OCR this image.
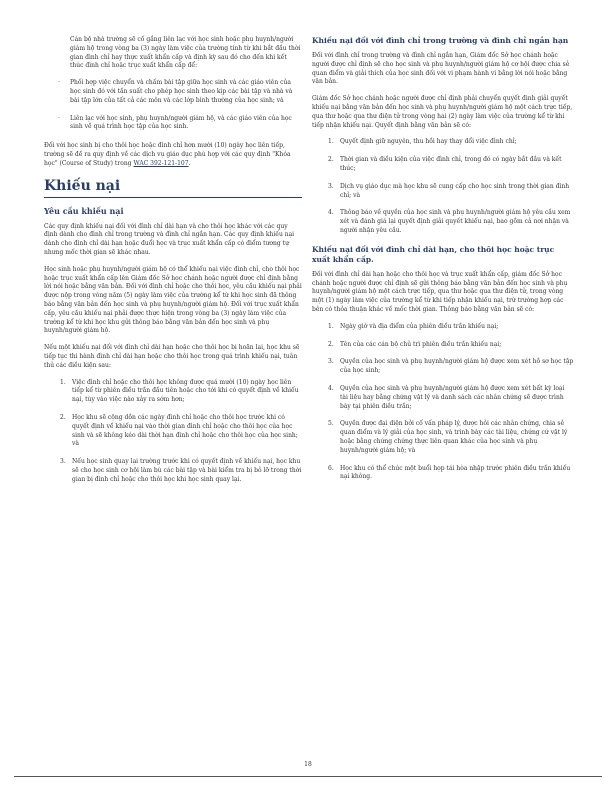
Cán bộ nhà trường sẽ cố gắng liên lạc với học sinh hoặc phụ huynh/người giám hộ trong vòng ba (3) ngày làm việc của trường tính từ khi bắt đầu thời gian đình chỉ hay thực xuất khẩn cấp và định kỳ sau đó cho đến khi kết thúc đình chỉ hoặc trục xuất khẩn cấp để:

· Phối hợp việc chuyển và chấm bài tập giữa học sinh và các giáo viên của học sinh đó với tần suất cho phép học sinh theo kịp các bài tập và nhà và bài tập lớn của tất cả các môn và các lớp bình thường của học sinh; và
· Liên lạc với học sinh, phụ huynh/người giám hộ, và các giáo viên của học sinh về quá trình học tập của học sinh.

Đối với học sinh bị cho thôi học hoặc đình chỉ hơn mười (10) ngày học liên tiếp, trường sẽ đề ra quy định về các dịch vụ giáo dục phù hợp với các quy định "Khóa học" (Course of Study) trong WAC 392-121-107.

Khiếu nại
Yêu cầu khiếu nại

Các quy định khiếu nại đối với đình chỉ dài hạn và cho thôi học khác với các quy định dành cho đình chỉ trong trường và đình chỉ ngắn hạn. Các quy định khiếu nại dành cho đình chỉ dài hạn hoặc đuổi học và trục xuất khẩn cấp có điểm tương tự nhưng mốc thời gian sẽ khác nhau.

Học sinh hoặc phụ huynh/người giám hộ có thể khiếu nại việc đình chỉ, cho thôi học hoặc trục xuất khẩn cấp lên Giám đốc Sở học chánh hoặc người được chỉ định bằng lời nói hoặc bằng văn bản. Đối với đình chỉ hoặc cho thôi học, yêu cầu khiếu nại phải được nộp trong vòng năm (5) ngày làm việc của trường kể từ khi học sinh đã thông báo bằng văn bản đến học sinh và phụ huynh/người giám hộ. Đối với trục xuất khẩn cấp, yêu cầu khiếu nại phải được thực hiện trong vòng ba (3) ngày làm việc của trường kể từ khi học khu gửi thông báo bằng văn bản đến học sinh và phụ huynh/người giám hộ.

Nếu một khiếu nại đối với đình chỉ dài hạn hoặc cho thôi học bị hoãn lại, học khu sẽ tiếp tục thi hành đình chỉ dài hạn hoặc cho thôi học trong quá trình khiếu nại, tuân thủ các điều kiện sau:

1. Việc đình chỉ hoặc cho thôi học không được quá mười (10) ngày học liên tiếp kể từ phiên điều trần đầu tiên hoặc cho tới khi có quyết định về khiếu nại, tùy vào việc nào xảy ra sớm hơn;
2. Học khu sẽ cộng dồn các ngày đình chỉ hoặc cho thôi học trước khi có quyết định về khiếu nại vào thời gian đình chỉ hoặc cho thôi học của học sinh và sẽ không kéo dài thời hạn đình chỉ hoặc cho thôi học của học sinh; và
3. Nếu học sinh quay lại trường trước khi có quyết định về khiếu nại, học khu sẽ cho học sinh cơ hội làm bù các bài tập và bài kiểm tra bị bỏ lỡ trong thời gian bị đình chỉ hoặc cho thôi học khi học sinh quay lại.
Khiếu nại đối với đình chỉ trong trường và đình chỉ ngắn hạn

Đối với đình chỉ trong trường và đình chỉ ngắn hạn, Giám đốc Sở học chánh hoặc người được chỉ định sẽ cho học sinh và phụ huynh/người giám hộ cơ hội được chia sẻ quan điểm và giải thích của học sinh đối với vi phạm hành vi bằng lời nói hoặc bằng văn bản.

Giám đốc Sở học chánh hoặc người được chỉ định phải chuyển quyết định giải quyết khiếu nại bằng văn bản đến học sinh và phụ huynh/người giám hộ một cách trực tiếp, qua thư hoặc qua thư điện tử trong vòng hai (2) ngày làm việc của trường kể từ khi tiếp nhận khiếu nại. Quyết định bằng văn bản sẽ có:

1. Quyết định giữ nguyên, thu hồi hay thay đổi việc đình chỉ;
2. Thời gian và điều kiện của việc đình chỉ, trong đó có ngày bắt đầu và kết thúc;
3. Dịch vụ giáo dục mà học khu sẽ cung cấp cho học sinh trong thời gian đình chỉ; và
4. Thông báo về quyền của học sinh và phụ huynh/người giám hộ yêu cầu xem xét và đánh giá lại quyết định giải quyết khiếu nại, bao gồm cả nơi nhận và người nhận yêu cầu.
Khiếu nại đối với đình chỉ dài hạn, cho thôi học hoặc trục xuất khẩn cấp.

Đối với đình chỉ dài hạn hoặc cho thôi học và trục xuất khẩn cấp, giám đốc Sở học chánh hoặc người được chỉ định sẽ gửi thông báo bằng văn bản đến học sinh và phụ huynh/người giám hộ một cách trực tiếp, qua thư hoặc qua thư điện tử, trong vòng một (1) ngày làm việc của trường kể từ khi tiếp nhận khiếu nại, trừ trường hợp các bên có thỏa thuận khác về mốc thời gian. Thông báo bằng văn bản sẽ có:

1. Ngày giờ và địa điểm của phiên điều trần khiếu nại;
2. Tên của các cán bộ chủ trì phiên điều trần khiếu nại;
3. Quyền của học sinh và phụ huynh/người giám hộ được xem xét hồ sơ học tập của học sinh;
4. Quyền của học sinh và phụ huynh/người giám hộ được xem xét bất kỳ loại tài liệu hay bằng chứng vật lý và danh sách các nhân chứng sẽ được trình bày tại phiên điều trần;
5. Quyền được đại diện bởi cố vấn pháp lý, được hỏi các nhân chứng, chia sẻ quan điểm và lý giải của học sinh, và trình bày các tài liệu, chứng cứ vật lý hoặc bằng chứng chứng thực liên quan khác của học sinh và phụ huynh/người giám hộ; và
6. Học khu có thể chúc một buổi họp tái hòa nhập trước phiên điều trần khiếu nại không.
18
